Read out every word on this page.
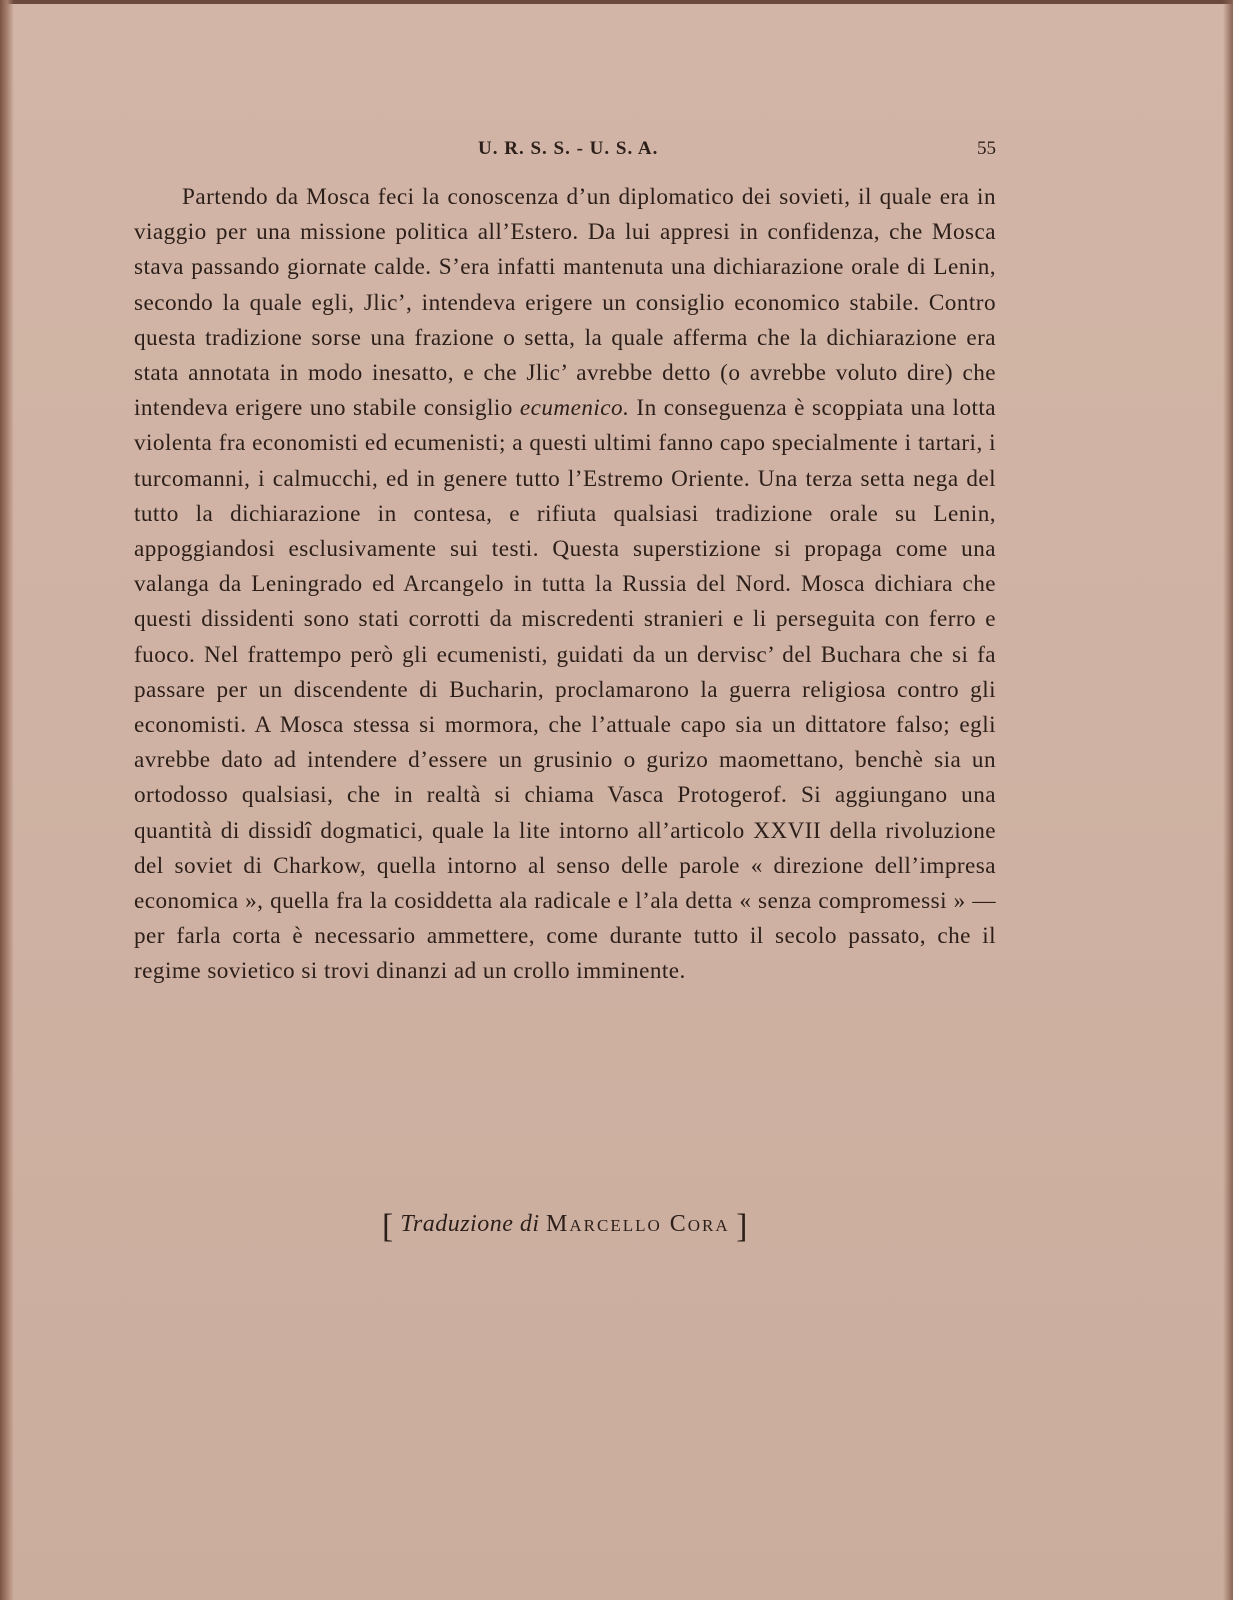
U. R. S. S. - U. S. A.	55

Partendo da Mosca feci la conoscenza d’un diplomatico dei sovieti, il quale era in viaggio per una missione politica all’Estero. Da lui appresi in confidenza, che Mosca stava passando giornate calde. S’era infatti mantenuta una dichiarazione orale di Lenin, secondo la quale egli, Jlic’, intendeva erigere un consiglio economico stabile. Contro questa tradizione sorse una frazione o setta, la quale afferma che la dichiarazione era stata annotata in modo inesatto, e che Jlic’ avrebbe detto (o avrebbe voluto dire) che intendeva erigere uno stabile consiglio ecumenico. In conseguenza è scoppiata una lotta violenta fra economisti ed ecumenisti; a questi ultimi fanno capo specialmente i tartari, i turcomanni, i calmucchi, ed in genere tutto l’Estremo Oriente. Una terza setta nega del tutto la dichiarazione in contesa, e rifiuta qualsiasi tradizione orale su Lenin, appoggiandosi esclusivamente sui testi. Questa superstizione si propaga come una valanga da Leningrado ed Arcangelo in tutta la Russia del Nord. Mosca dichiara che questi dissidenti sono stati corrotti da miscredenti stranieri e li perseguita con ferro e fuoco. Nel frattempo però gli ecumenisti, guidati da un dervisc’ del Buchara che si fa passare per un discendente di Bucharin, proclamarono la guerra religiosa contro gli economisti. A Mosca stessa si mormora, che l’attuale capo sia un dittatore falso; egli avrebbe dato ad intendere d’essere un grusinio o gurizo maomettano, benchè sia un ortodosso qualsiasi, che in realtà si chiama Vasca Protogerof. Si aggiungano una quantità di dissidî dogmatici, quale la lite intorno all’articolo XXVII della rivoluzione del soviet di Charkow, quella intorno al senso delle parole « direzione dell’impresa economica », quella fra la cosiddetta ala radicale e l’ala detta « senza compromessi » — per farla corta è necessario ammettere, come durante tutto il secolo passato, che il regime sovietico si trovi dinanzi ad un crollo imminente.

[ Traduzione di Marcello Cora ]
